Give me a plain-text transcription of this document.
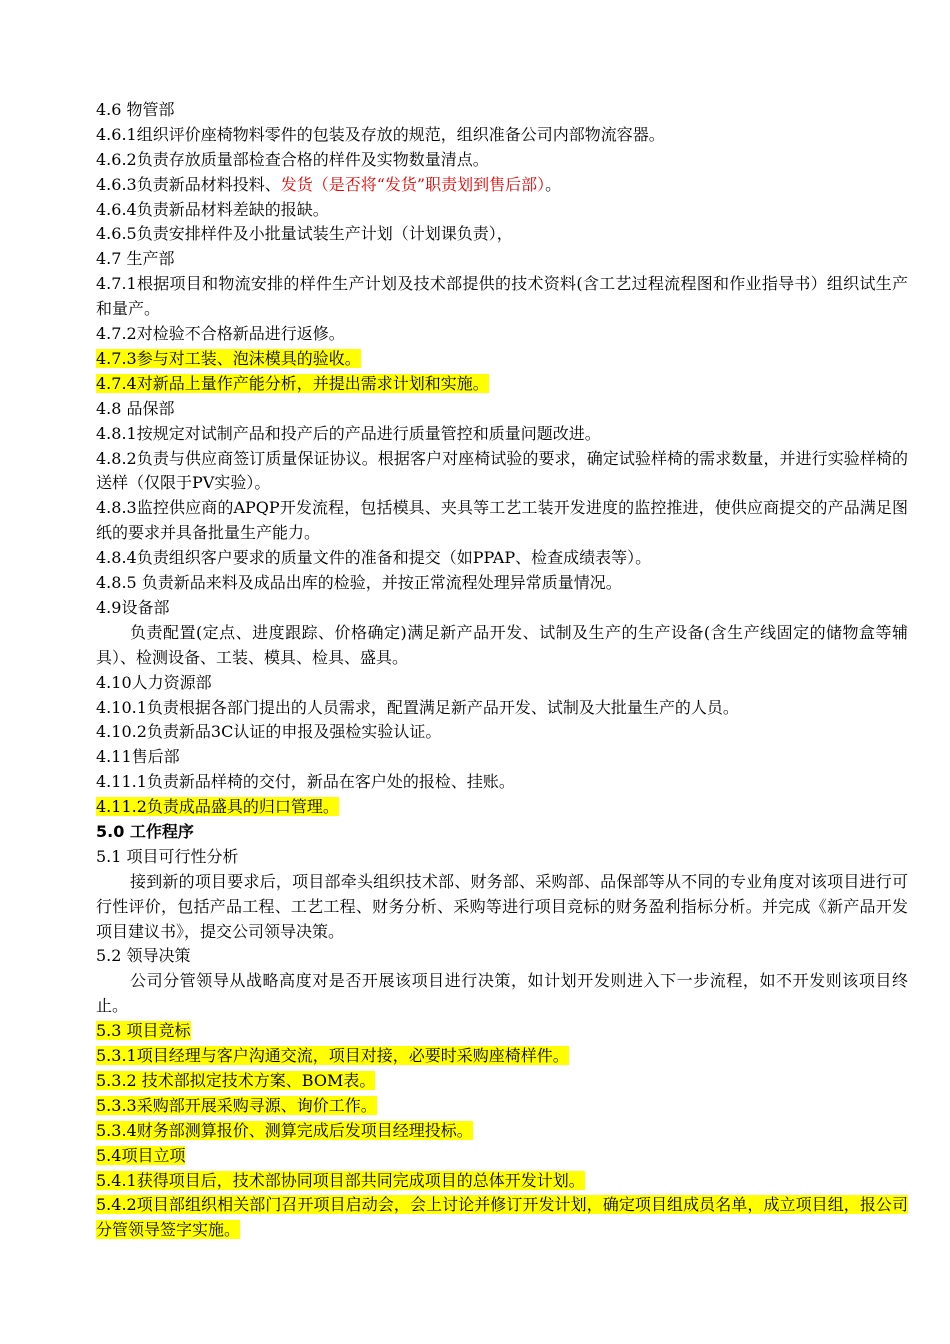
4.6 物管部
4.6.1组织评价座椅物料零件的包装及存放的规范，组织准备公司内部物流容器。
4.6.2负责存放质量部检查合格的样件及实物数量清点。
4.6.3负责新品材料投料、发货（是否将“发货”职责划到售后部）。
4.6.4负责新品材料差缺的报缺。
4.6.5负责安排样件及小批量试装生产计划（计划课负责），
4.7 生产部
4.7.1根据项目和物流安排的样件生产计划及技术部提供的技术资料(含工艺过程流程图和作业指导书）组织试生产和量产。
4.7.2对检验不合格新品进行返修。
4.7.3参与对工装、泡沫模具的验收。
4.7.4对新品上量作产能分析，并提出需求计划和实施。
4.8 品保部
4.8.1按规定对试制产品和投产后的产品进行质量管控和质量问题改进。
4.8.2负责与供应商签订质量保证协议。根据客户对座椅试验的要求，确定试验样椅的需求数量，并进行实验样椅的送样（仅限于PV实验）。
4.8.3监控供应商的APQP开发流程，包括模具、夹具等工艺工装开发进度的监控推进，使供应商提交的产品满足图纸的要求并具备批量生产能力。
4.8.4负责组织客户要求的质量文件的准备和提交（如PPAP、检查成绩表等）。
4.8.5 负责新品来料及成品出库的检验，并按正常流程处理异常质量情况。
4.9设备部
负责配置(定点、进度跟踪、价格确定)满足新产品开发、试制及生产的生产设备(含生产线固定的储物盒等辅具）、检测设备、工装、模具、检具、盛具。
4.10人力资源部
4.10.1负责根据各部门提出的人员需求，配置满足新产品开发、试制及大批量生产的人员。
4.10.2负责新品3C认证的申报及强检实验认证。
4.11售后部
4.11.1负责新品样椅的交付，新品在客户处的报检、挂账。
4.11.2负责成品盛具的归口管理。
5.0 工作程序
5.1 项目可行性分析
接到新的项目要求后，项目部牵头组织技术部、财务部、采购部、品保部等从不同的专业角度对该项目进行可行性评价，包括产品工程、工艺工程、财务分析、采购等进行项目竞标的财务盈利指标分析。并完成《新产品开发项目建议书》，提交公司领导决策。
5.2 领导决策
公司分管领导从战略高度对是否开展该项目进行决策，如计划开发则进入下一步流程，如不开发则该项目终止。
5.3 项目竞标
5.3.1项目经理与客户沟通交流，项目对接，必要时采购座椅样件。
5.3.2 技术部拟定技术方案、BOM表。
5.3.3采购部开展采购寻源、询价工作。
5.3.4财务部测算报价、测算完成后发项目经理投标。
5.4项目立项
5.4.1获得项目后，技术部协同项目部共同完成项目的总体开发计划。
5.4.2项目部组织相关部门召开项目启动会，会上讨论并修订开发计划，确定项目组成员名单，成立项目组，报公司分管领导签字实施。
